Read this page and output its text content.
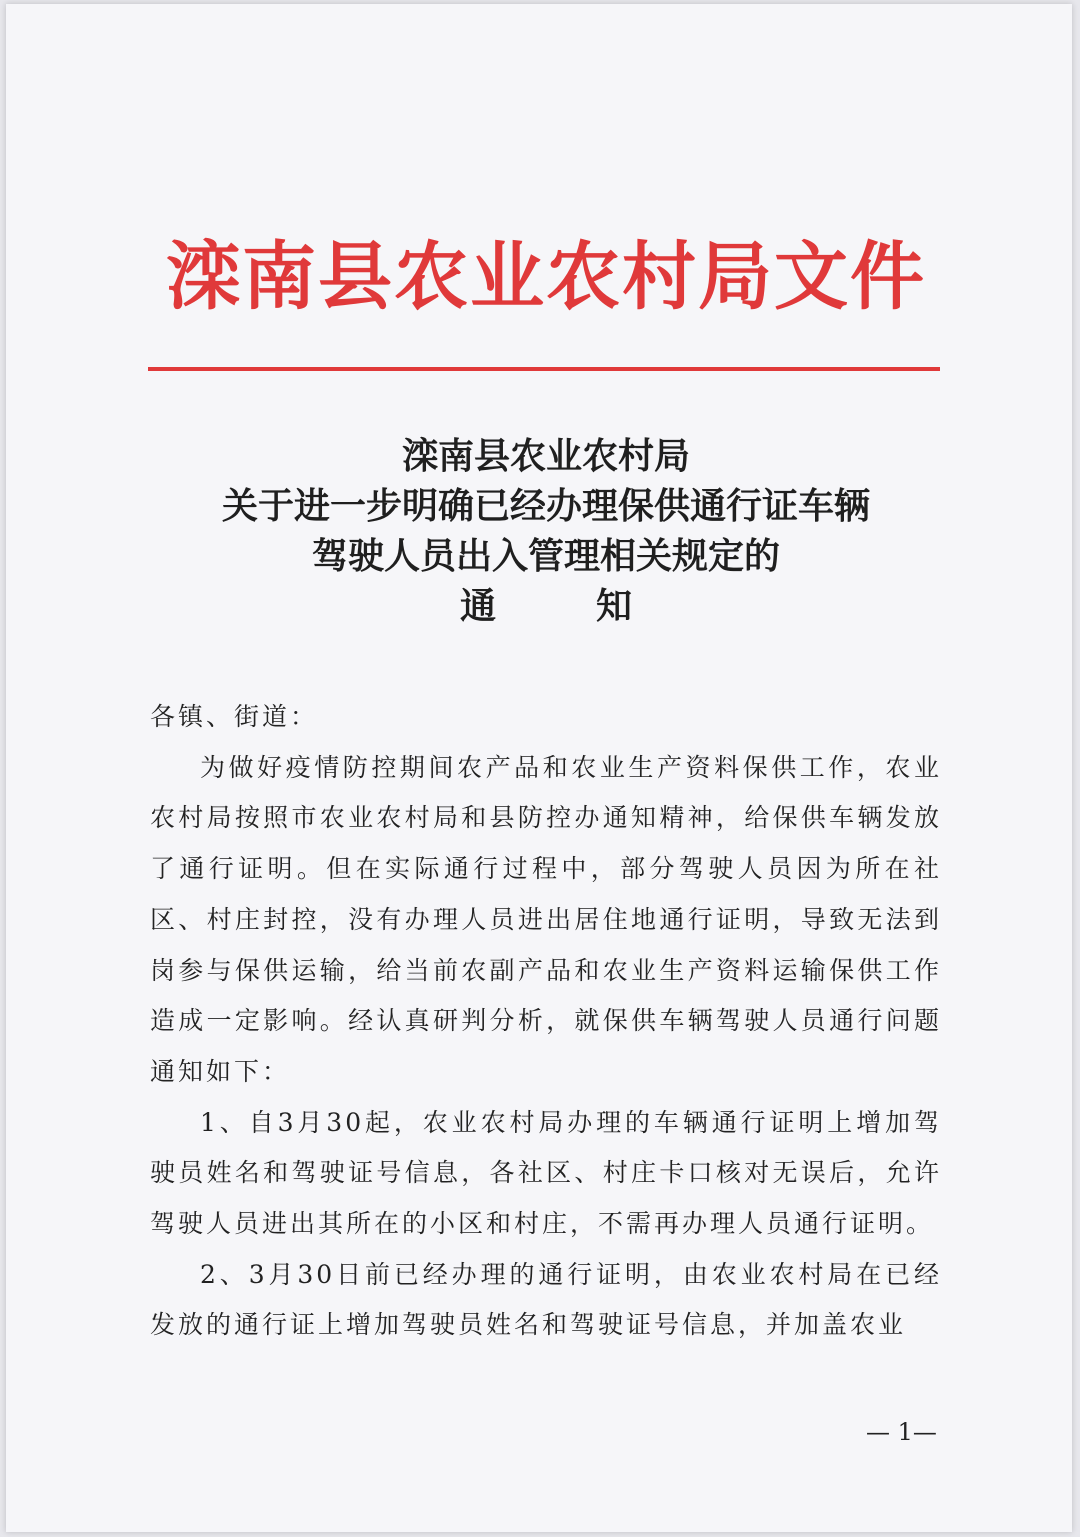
滦南县农业农村局文件
滦南县农业农村局
关于进一步明确已经办理保供通行证车辆
驾驶人员出入管理相关规定的
通知

各镇、街道：

为做好疫情防控期间农产品和农业生产资料保供工作，农业农村局按照市农业农村局和县防控办通知精神，给保供车辆发放了通行证明。但在实际通行过程中，部分驾驶人员因为所在社区、村庄封控，没有办理人员进出居住地通行证明，导致无法到岗参与保供运输，给当前农副产品和农业生产资料运输保供工作造成一定影响。经认真研判分析，就保供车辆驾驶人员通行问题通知如下：

1、自3月30起，农业农村局办理的车辆通行证明上增加驾驶员姓名和驾驶证号信息，各社区、村庄卡口核对无误后，允许驾驶人员进出其所在的小区和村庄，不需再办理人员通行证明。

2、3月30日前已经办理的通行证明，由农业农村局在已经发放的通行证上增加驾驶员姓名和驾驶证号信息，并加盖农业

— 1—
